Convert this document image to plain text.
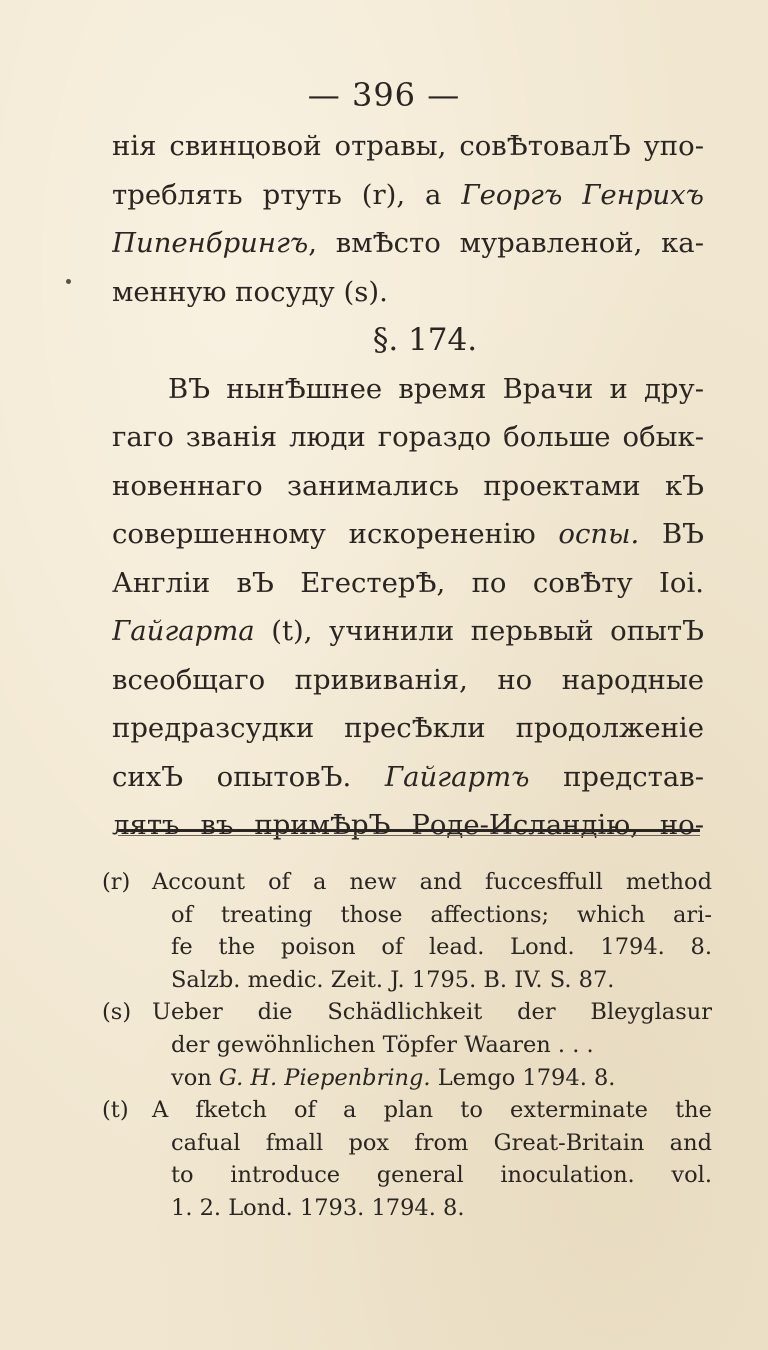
— 396 —
нія свинцовой отравы, совѢтовалЪ упо-
треблять ртуть (r), а Георгъ Генрихъ
Пипенбрингъ, вмѢсто муравленой, ка-
менную посуду (s).
§. 174.
ВЪ нынѢшнее время Врачи и дру-
гаго званія люди гораздо больше обык-
новеннаго занимались проектами кЪ
совершенному искорененію оспы. ВЪ
Англіи вЪ ЕгестерѢ, по совѢту Іоі.
Гайгарта (t), учинили перьвый опытЪ
всеобщаго прививанія, но народные
предразсудки пресѢкли продолженіе
сихЪ опытовЪ. Гайгартъ представ-
лятъ въ примѢрЪ Роде-Исландію, но-
(r) Account of a new and fuccesffull method
of treating those affections; which ari-
fe the poison of lead. Lond. 1794. 8.
Salzb. medic. Zeit. J. 1795. B. IV. S. 87.
(s) Ueber die Schädlichkeit der Bleyglasur
der gewöhnlichen Töpfer Waaren . . .
von G. H. Piepenbring. Lemgo 1794. 8.
(t)	A fketch of a plan to exterminate the
cafual fmall pox from Great-Britain and
to introduce general inoculation. vol.
1. 2. Lond. 1793. 1794. 8.
